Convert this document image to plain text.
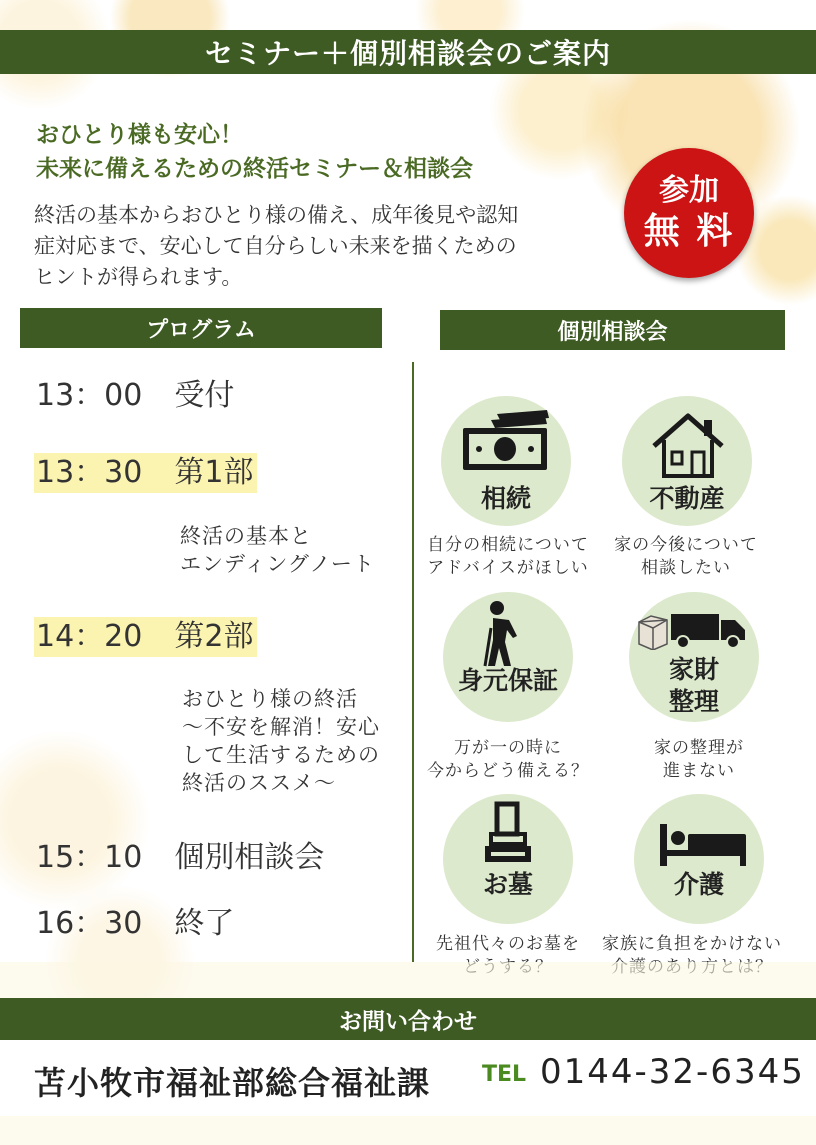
セミナー＋個別相談会のご案内
おひとり様も安心！
未来に備えるための終活セミナー＆相談会
終活の基本からおひとり様の備え、成年後見や認知
症対応まで、安心して自分らしい未来を描くための
ヒントが得られます。
参加
無 料
プログラム
13：00 受付
13：30 第1部
終活の基本と
エンディングノート
14：20 第2部
おひとり様の終活
～不安を解消！安心
して生活するための
終活のススメ～
15：10 個別相談会
16：30 終了
個別相談会
相続
自分の相続について
アドバイスがほしい
不動産
家の今後について
相談したい
身元保証
万が一の時に
今からどう備える？
家財
整理
家の整理が
進まない
お墓
先祖代々のお墓を
介護
家族に負担をかけない
お問い合わせ
苫小牧市福祉部総合福祉課 TEL 0144-32-6345
